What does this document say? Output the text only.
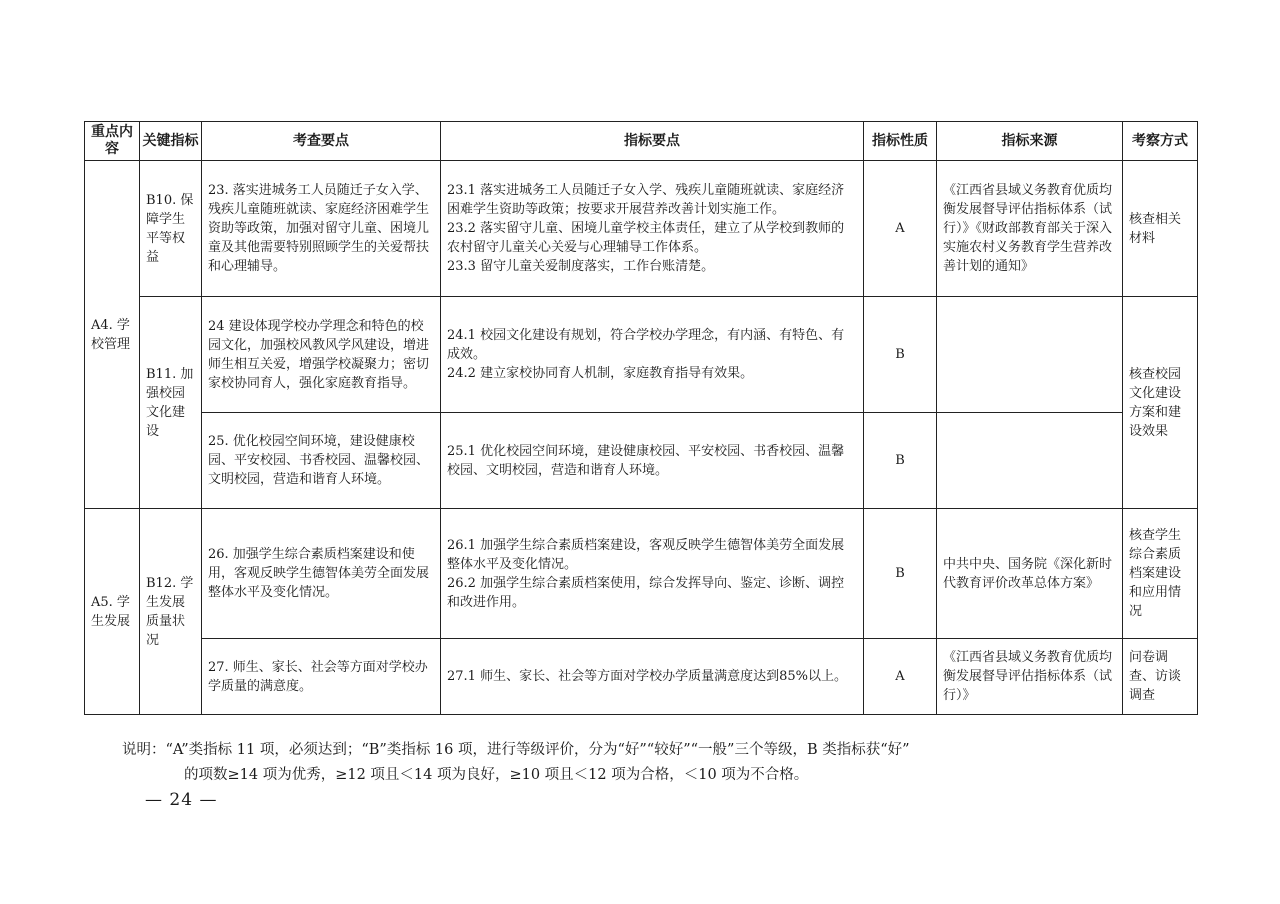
重点内容	关键指标	考查要点	指标要点	指标性质	指标来源	考察方式
A4. 学校管理	B10. 保障学生平等权益	23. 落实进城务工人员随迁子女入学、残疾儿童随班就读、家庭经济困难学生资助等政策，加强对留守儿童、困境儿童及其他需要特别照顾学生的关爱帮扶和心理辅导。	23.1 落实进城务工人员随迁子女入学、残疾儿童随班就读、家庭经济困难学生资助等政策；按要求开展营养改善计划实施工作。
23.2 落实留守儿童、困境儿童学校主体责任，建立了从学校到教师的农村留守儿童关心关爱与心理辅导工作体系。
23.3 留守儿童关爱制度落实，工作台账清楚。	A	《江西省县域义务教育优质均衡发展督导评估指标体系（试行）》《财政部教育部关于深入实施农村义务教育学生营养改善计划的通知》	核查相关材料
	B11. 加强校园文化建设	24 建设体现学校办学理念和特色的校园文化，加强校风教风学风建设，增进师生相互关爱，增强学校凝聚力；密切家校协同育人，强化家庭教育指导。	24.1 校园文化建设有规划，符合学校办学理念，有内涵、有特色、有成效。
24.2 建立家校协同育人机制，家庭教育指导有效果。	B		核查校园文化建设方案和建设效果
		25. 优化校园空间环境，建设健康校园、平安校园、书香校园、温馨校园、文明校园，营造和谐育人环境。	25.1 优化校园空间环境，建设健康校园、平安校园、书香校园、温馨校园、文明校园，营造和谐育人环境。	B		
A5. 学生发展	B12. 学生发展质量状况	26. 加强学生综合素质档案建设和使用，客观反映学生德智体美劳全面发展整体水平及变化情况。	26.1 加强学生综合素质档案建设，客观反映学生德智体美劳全面发展整体水平及变化情况。
26.2 加强学生综合素质档案使用，综合发挥导向、鉴定、诊断、调控和改进作用。	B	中共中央、国务院《深化新时代教育评价改革总体方案》	核查学生综合素质档案建设和应用情况
		27. 师生、家长、社会等方面对学校办学质量的满意度。	27.1 师生、家长、社会等方面对学校办学质量满意度达到85%以上。	A	《江西省县域义务教育优质均衡发展督导评估指标体系（试行）》	问卷调查、访谈调查
说明：“A”类指标 11 项，必须达到；“B”类指标 16 项，进行等级评价，分为“好”“较好”“一般”三个等级，B 类指标获“好”
的项数≥14 项为优秀，≥12 项且＜14 项为良好，≥10 项且＜12 项为合格，＜10 项为不合格。
— 24 —
